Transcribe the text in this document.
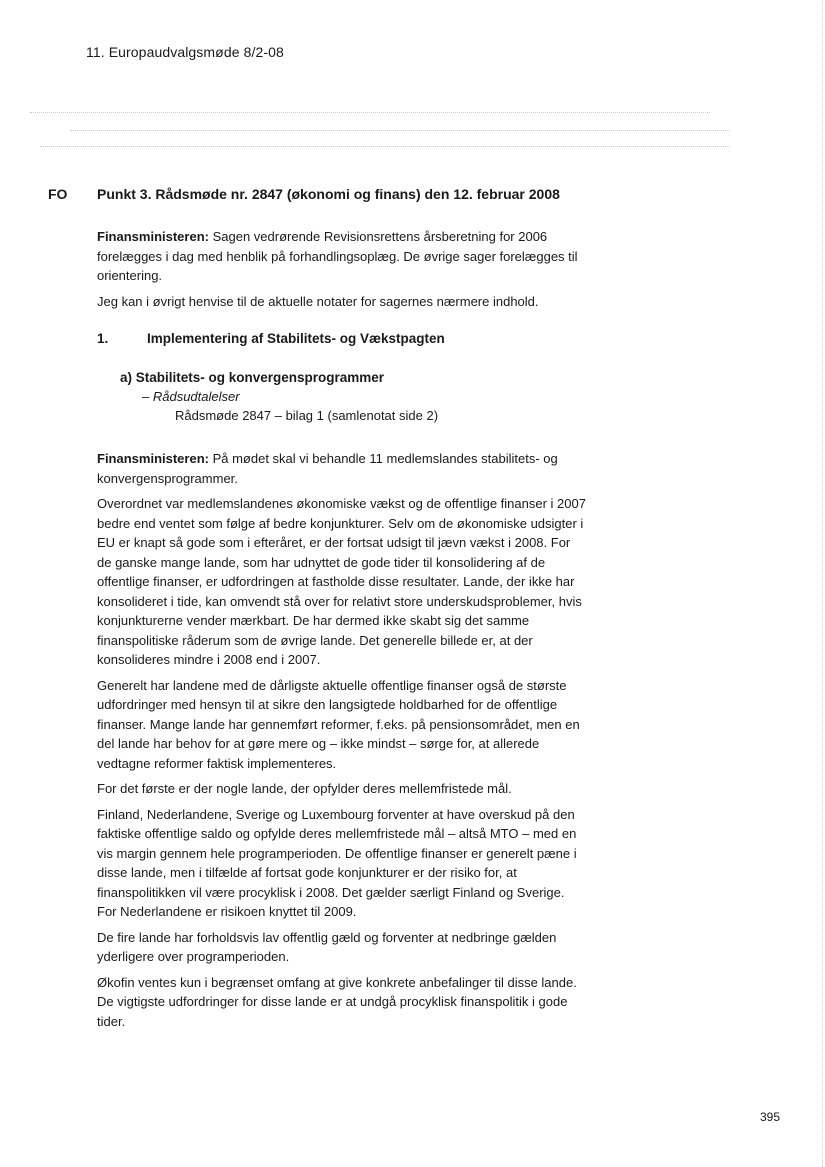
11. Europaudvalgsmøde 8/2-08
FO Punkt 3. Rådsmøde nr. 2847 (økonomi og finans) den 12. februar 2008

Finansministeren: Sagen vedrørende Revisionsrettens årsberetning for 2006 forelægges i dag med henblik på forhandlingsoplæg. De øvrige sager forelægges til orientering.

Jeg kan i øvrigt henvise til de aktuelle notater for sagernes nærmere indhold.

1.	Implementering af Stabilitets- og Vækstpagten
a) Stabilitets- og konvergensprogrammer
– Rådsudtalelser
Rådsmøde 2847 – bilag 1 (samlenotat side 2)

Finansministeren: På mødet skal vi behandle 11 medlemslandes stabilitets- og konvergensprogrammer.

Overordnet var medlemslandenes økonomiske vækst og de offentlige finanser i 2007 bedre end ventet som følge af bedre konjunkturer. Selv om de økonomiske udsigter i EU er knapt så gode som i efteråret, er der fortsat udsigt til jævn vækst i 2008. For de ganske mange lande, som har udnyttet de gode tider til konsolidering af de offentlige finanser, er udfordringen at fastholde disse resultater. Lande, der ikke har konsolideret i tide, kan omvendt stå over for relativt store underskudsproblemer, hvis konjunkturerne vender mærkbart. De har dermed ikke skabt sig det samme finanspolitiske råderum som de øvrige lande. Det generelle billede er, at der konsolideres mindre i 2008 end i 2007.

Generelt har landene med de dårligste aktuelle offentlige finanser også de største udfordringer med hensyn til at sikre den langsigtede holdbarhed for de offentlige finanser. Mange lande har gennemført reformer, f.eks. på pensionsområdet, men en del lande har behov for at gøre mere og – ikke mindst – sørge for, at allerede vedtagne reformer faktisk implementeres.

For det første er der nogle lande, der opfylder deres mellemfristede mål.

Finland, Nederlandene, Sverige og Luxembourg forventer at have overskud på den faktiske offentlige saldo og opfylde deres mellemfristede mål – altså MTO – med en vis margin gennem hele programperioden. De offentlige finanser er generelt pæne i disse lande, men i tilfælde af fortsat gode konjunkturer er der risiko for, at finanspolitikken vil være procyklisk i 2008. Det gælder særligt Finland og Sverige. For Nederlandene er risikoen knyttet til 2009.

De fire lande har forholdsvis lav offentlig gæld og forventer at nedbringe gælden yderligere over programperioden.

Økofin ventes kun i begrænset omfang at give konkrete anbefalinger til disse lande. De vigtigste udfordringer for disse lande er at undgå procyklisk finanspolitik i gode tider.

395
